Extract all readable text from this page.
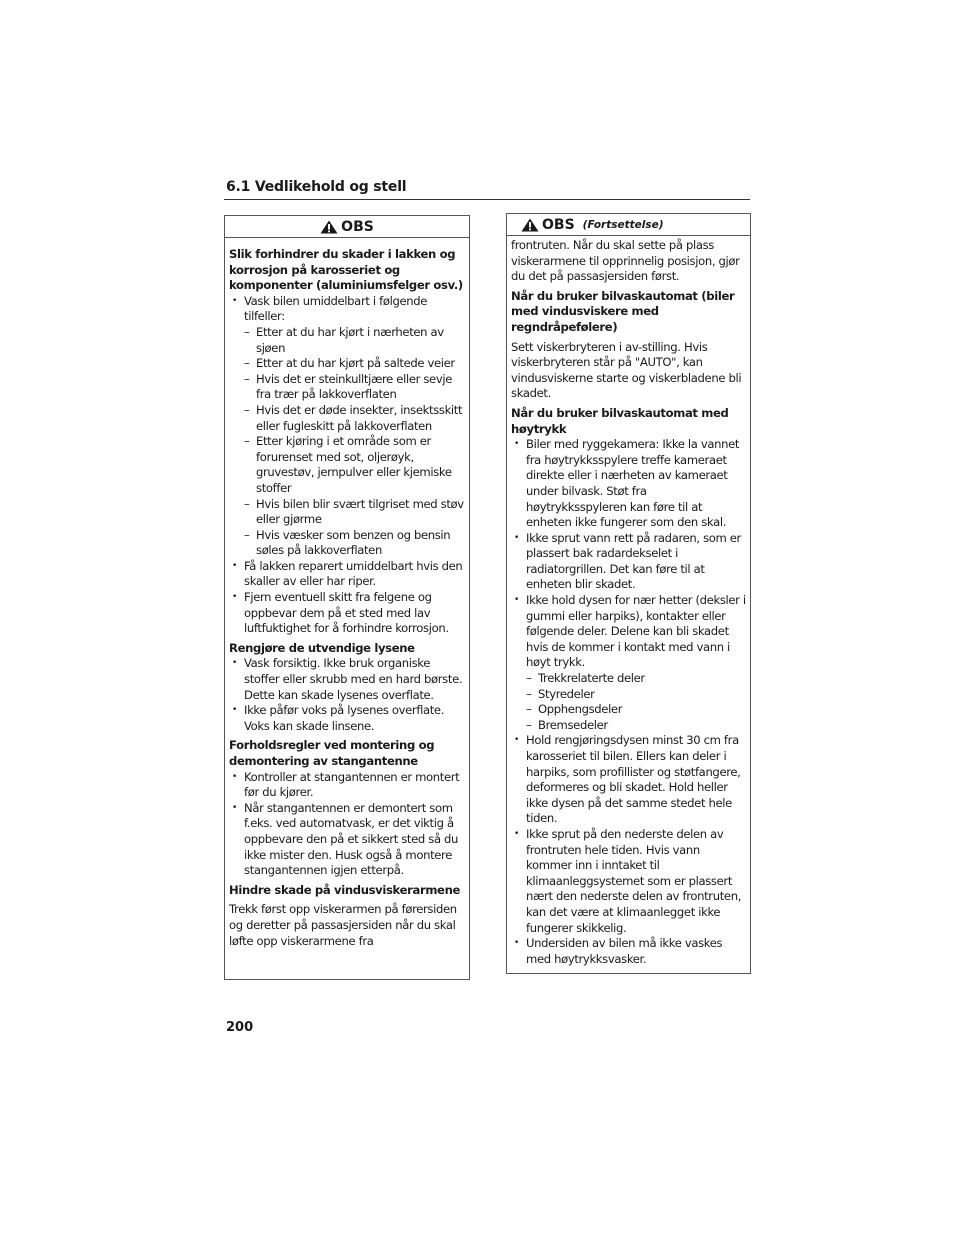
6.1 Vedlikehold og stell
OBS
Slik forhindrer du skader i lakken og korrosjon på karosseriet og komponenter (aluminiumsfelger osv.)
• Vask bilen umiddelbart i følgende tilfeller:
– Etter at du har kjørt i nærheten av sjøen
– Etter at du har kjørt på saltede veier
– Hvis det er steinkulltjære eller sevje fra trær på lakkoverflaten
– Hvis det er døde insekter, insektsskitt eller fugleskitt på lakkoverflaten
– Etter kjøring i et område som er forurenset med sot, oljerøyk, gruvestøv, jernpulver eller kjemiske stoffer
– Hvis bilen blir svært tilgriset med støv eller gjørme
– Hvis væsker som benzen og bensin søles på lakkoverflaten
• Få lakken reparert umiddelbart hvis den skaller av eller har riper.
• Fjern eventuell skitt fra felgene og oppbevar dem på et sted med lav luftfuktighet for å forhindre korrosjon.
Rengjøre de utvendige lysene
• Vask forsiktig. Ikke bruk organiske stoffer eller skrubb med en hard børste. Dette kan skade lysenes overflate.
• Ikke påfør voks på lysenes overflate. Voks kan skade linsene.
Forholdsregler ved montering og demontering av stangantenne
• Kontroller at stangantennen er montert før du kjører.
• Når stangantennen er demontert som f.eks. ved automatvask, er det viktig å oppbevare den på et sikkert sted så du ikke mister den. Husk også å montere stangantennen igjen etterpå.
Hindre skade på vindusviskerarmene
Trekk først opp viskerarmen på førersiden og deretter på passasjersiden når du skal løfte opp viskerarmene fra
OBS (Fortsettelse)
frontruten. Når du skal sette på plass viskerarmene til opprinnelig posisjon, gjør du det på passasjersiden først.
Når du bruker bilvaskautomat (biler med vindusviskere med regndråpefølere)
Sett viskerbryteren i av-stilling. Hvis viskerbryteren står på "AUTO", kan vindusviskerne starte og viskerbladene bli skadet.
Når du bruker bilvaskautomat med høytrykk
• Biler med ryggekamera: Ikke la vannet fra høytrykksspylere treffe kameraet direkte eller i nærheten av kameraet under bilvask. Støt fra høytrykksspyleren kan føre til at enheten ikke fungerer som den skal.
• Ikke sprut vann rett på radaren, som er plassert bak radardekselet i radiatorgrillen. Det kan føre til at enheten blir skadet.
• Ikke hold dysen for nær hetter (deksler i gummi eller harpiks), kontakter eller følgende deler. Delene kan bli skadet hvis de kommer i kontakt med vann i høyt trykk.
– Trekkrelaterte deler
– Styredeler
– Opphengsdeler
– Bremsedeler
• Hold rengjøringsdysen minst 30 cm fra karosseriet til bilen. Ellers kan deler i harpiks, som profillister og støtfangere, deformeres og bli skadet. Hold heller ikke dysen på det samme stedet hele tiden.
• Ikke sprut på den nederste delen av frontruten hele tiden. Hvis vann kommer inn i inntaket til klimaanleggsystemet som er plassert nært den nederste delen av frontruten, kan det være at klimaanlegget ikke fungerer skikkelig.
• Undersiden av bilen må ikke vaskes med høytrykksvasker.
200
